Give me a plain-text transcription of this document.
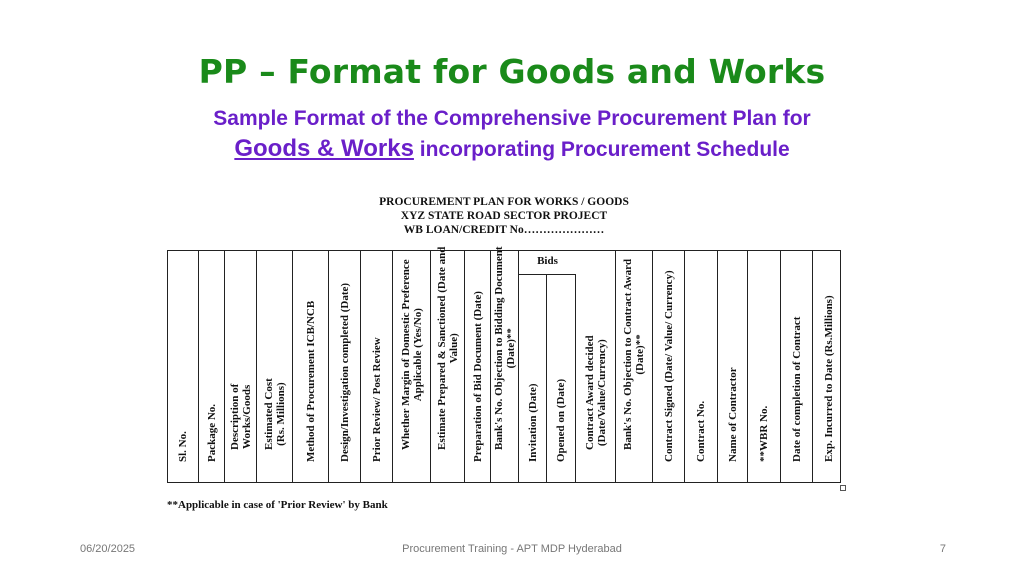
PP – Format for Goods and Works
Sample Format of the Comprehensive Procurement Plan for
Goods & Works incorporating Procurement Schedule
PROCUREMENT PLAN FOR WORKS / GOODS
XYZ STATE ROAD SECTOR PROJECT
WB LOAN/CREDIT No…………………
Sl. No. Package No. Description of Works/Goods Estimated Cost (Rs. Millions) Method of Procurement ICB/NCB Design/Investigation completed (Date) Prior Review/ Post Review Whether Margin of Domestic Preference Applicable (Yes/No) Estimate Prepared & Sanctioned (Date and Value) Preparation of Bid Document (Date) Bank's No. Objection to Bidding Document (Date)**
Invitation (Date) Opened on (Date) Contract Award decided (Date/Value/Currency) Bank's No. Objection to Contract Award (Date)** Contract Signed (Date/ Value/ Currency) Contract No. Name of Contractor **WBR No. Date of completion of Contract Exp. Incurred to Date (Rs.Millions)
Bids
**Applicable in case of 'Prior Review' by Bank
06/20/2025	Procurement Training - APT MDP Hyderabad	7
